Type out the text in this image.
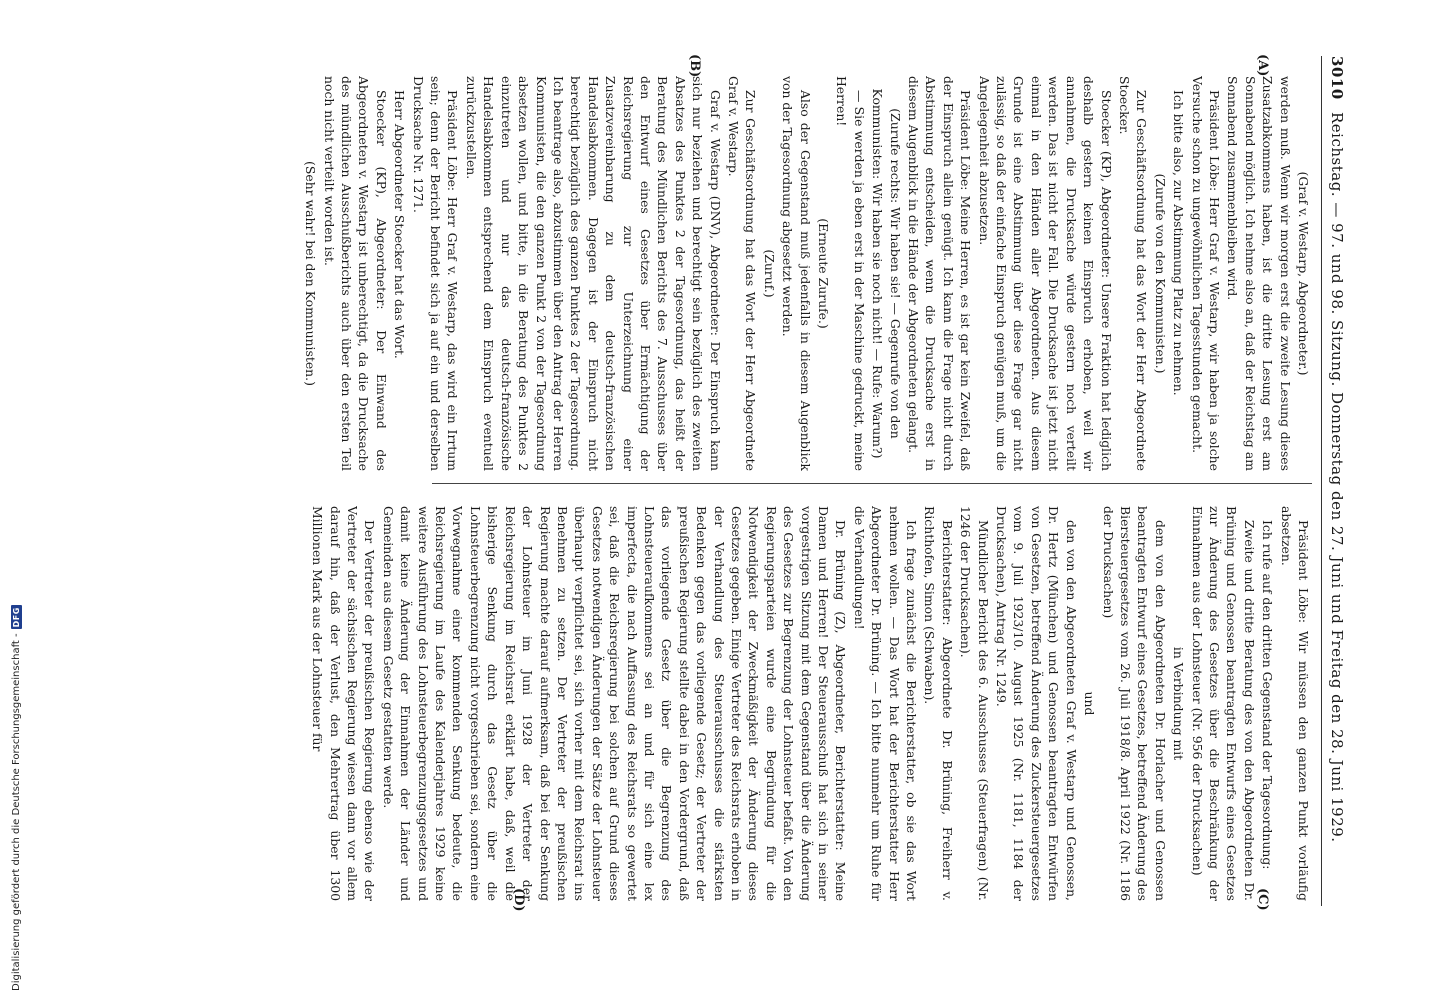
Digitalisierung gefördert durch die Deutsche Forschungsgemeinschaft -
DFG
3010
Reichstag. — 97. und 98. Sitzung. Donnerstag den 27. Juni und Freitag den 28. Juni 1929.
(A)
(B)
(C)
(D)

(Graf v. Westarp, Abgeordneter.)

werden muß. Wenn wir morgen erst die zweite Lesung dieses Zusatzabkommens haben, ist die dritte Lesung erst am Sonnabend möglich. Ich nehme also an, daß der Reichstag am Sonnabend zusammenbleiben wird.

Präsident Löbe: Herr Graf v. Westarp, wir haben ja solche Versuche schon zu ungewöhnlichen Tagesstunden gemacht.

Ich bitte also, zur Abstimmung Platz zu nehmen.

(Zurufe von den Kommunisten.)

Zur Geschäftsordnung hat das Wort der Herr Abgeordnete Stoecker.

Stoecker (KP), Abgeordneter: Unsere Fraktion hat lediglich deshalb gestern keinen Einspruch erhoben, weil wir annahmen, die Drucksache würde gestern noch verteilt werden. Das ist nicht der Fall. Die Drucksache ist jetzt nicht einmal in den Händen aller Abgeordneten. Aus diesem Grunde ist eine Abstimmung über diese Frage gar nicht zulässig, so daß der einfache Einspruch genügen muß, um die Angelegenheit abzusetzen.

Präsident Löbe: Meine Herren, es ist gar kein Zweifel, daß der Einspruch allein genügt. Ich kann die Frage nicht durch Abstimmung entscheiden, wenn die Drucksache erst in diesem Augenblick in die Hände der Abgeordneten gelangt.

(Zurufe rechts: Wir haben sie! — Gegenrufe von den Kommunisten: Wir haben sie noch nicht! — Rufe: Warum?)

— Sie werden ja eben erst in der Maschine gedruckt, meine Herren!

(Erneute Zurufe.)

Also der Gegenstand muß jedenfalls in diesem Augenblick von der Tagesordnung abgesetzt werden.

(Zuruf.)

Zur Geschäftsordnung hat das Wort der Herr Abgeordnete Graf v. Westarp.

Graf v. Westarp (DNV), Abgeordneter: Der Einspruch kann sich nur beziehen und berechtigt sein bezüglich des zweiten Absatzes des Punktes 2 der Tagesordnung, das heißt der Beratung des Mündlichen Berichts des 7. Ausschusses über den Entwurf eines Gesetzes über Ermächtigung der Reichsregierung zur Unterzeichnung einer Zusatzvereinbarung zu dem deutsch-französischen Handelsabkommen. Dagegen ist der Einspruch nicht berechtigt bezüglich des ganzen Punktes 2 der Tagesordnung. Ich beantrage also, abzustimmen über den Antrag der Herren Kommunisten, die den ganzen Punkt 2 von der Tagesordnung absetzen wollen, und bitte, in die Beratung des Punktes 2 einzutreten und nur das deutsch-französische Handelsabkommen entsprechend dem Einspruch eventuell zurückzustellen.

Präsident Löbe: Herr Graf v. Westarp, das wird ein Irrtum sein; denn der Bericht befindet sich ja auf ein und derselben Drucksache Nr. 1271.

Herr Abgeordneter Stoecker hat das Wort.

Stoecker (KP), Abgeordneter: Der Einwand des Abgeordneten v. Westarp ist unberechtigt, da die Drucksache des mündlichen Ausschußberichts auch über den ersten Teil noch nicht verteilt worden ist.

(Sehr wahr! bei den Kommunisten.)

Präsident Löbe: Wir müssen den ganzen Punkt vorläufig absetzen.

Ich rufe auf den dritten Gegenstand der Tagesordnung:

Zweite und dritte Beratung des von den Abgeordneten Dr. Brüning und Genossen beantragten Entwurfs eines Gesetzes zur Änderung des Gesetzes über die Beschränkung der Einnahmen aus der Lohnsteuer (Nr. 956 der Drucksachen)

in Verbindung mit

dem von den Abgeordneten Dr. Horlacher und Genossen beantragten Entwurf eines Gesetzes, betreffend Änderung des Biersteuergesetzes vom 26. Juli 1918/8. April 1922 (Nr. 1186 der Drucksachen)

und

den von den Abgeordneten Graf v. Westarp und Genossen, Dr. Hertz (München) und Genossen beantragten Entwürfen von Gesetzen, betreffend Änderung des Zuckersteuergesetzes vom 9. Juli 1923/10. August 1925 (Nr. 1181, 1184 der Drucksachen), Antrag Nr. 1249.

Mündlicher Bericht des 6. Ausschusses (Steuerfragen) (Nr. 1246 der Drucksachen).

Berichterstatter: Abgeordnete Dr. Brüning, Freiherr v. Richthofen, Simon (Schwaben).

Ich frage zunächst die Berichterstatter, ob sie das Wort nehmen wollen. — Das Wort hat der Berichterstatter Herr Abgeordneter Dr. Brüning. — Ich bitte nunmehr um Ruhe für die Verhandlungen!

Dr. Brüning (Z), Abgeordneter, Berichterstatter: Meine Damen und Herren! Der Steuerausschuß hat sich in seiner vorgestrigen Sitzung mit dem Gegenstand über die Änderung des Gesetzes zur Begrenzung der Lohnsteuer befaßt. Von den Regierungsparteien wurde eine Begründung für die Notwendigkeit der Zweckmäßigkeit der Änderung dieses Gesetzes gegeben. Einige Vertreter des Reichsrats erhoben in der Verhandlung des Steuerausschusses die stärksten Bedenken gegen das vorliegende Gesetz; der Vertreter der preußischen Regierung stellte dabei in den Vordergrund, daß das vorliegende Gesetz über die Begrenzung des Lohnsteueraufkommens sei an und für sich eine lex imperfecta, die nach Auffassung des Reichsrats so gewertet sei, daß die Reichsregierung bei solchen auf Grund dieses Gesetzes notwendigen Änderungen der Sätze der Lohnsteuer überhaupt verpflichtet sei, sich vorher mit dem Reichsrat ins Benehmen zu setzen. Der Vertreter der preußischen Regierung machte darauf aufmerksam, daß bei der Senkung der Lohnsteuer im Juni 1928 der Vertreter der Reichsregierung im Reichsrat erklärt habe, daß, weil die bisherige Senkung durch das Gesetz über die Lohnsteuerbegrenzung nicht vorgeschrieben sei, sondern eine Vorwegnahme einer kommenden Senkung bedeute, die Reichsregierung im Laufe des Kalenderjahres 1929 keine weitere Ausführung des Lohnsteuerbegrenzungsgesetzes und damit keine Änderung der Einnahmen der Länder und Gemeinden aus diesem Gesetz gestatten werde.

Der Vertreter der preußischen Regierung ebenso wie der Vertreter der sächsischen Regierung wiesen dann vor allem darauf hin, daß der Verlust, den Mehrertrag über 1300 Millionen Mark aus der Lohnsteuer für
